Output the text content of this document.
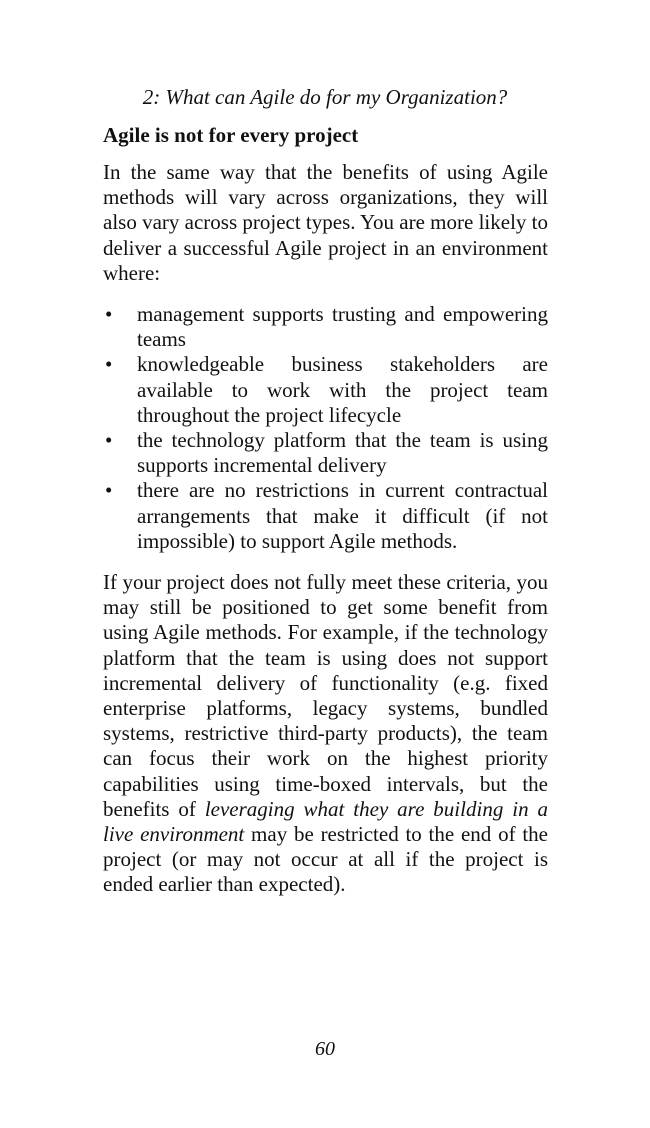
2: What can Agile do for my Organization?
Agile is not for every project

In the same way that the benefits of using Agile methods will vary across organizations, they will also vary across project types. You are more likely to deliver a successful Agile project in an environment where:

• management supports trusting and empowering teams
• knowledgeable business stakeholders are available to work with the project team throughout the project lifecycle
• the technology platform that the team is using supports incremental delivery
• there are no restrictions in current contractual arrangements that make it difficult (if not impossible) to support Agile methods.

If your project does not fully meet these criteria, you may still be positioned to get some benefit from using Agile methods. For example, if the technology platform that the team is using does not support incremental delivery of functionality (e.g. fixed enterprise platforms, legacy systems, bundled systems, restrictive third-party products), the team can focus their work on the highest priority capabilities using time-boxed intervals, but the benefits of leveraging what they are building in a live environment may be restricted to the end of the project (or may not occur at all if the project is ended earlier than expected).

60
